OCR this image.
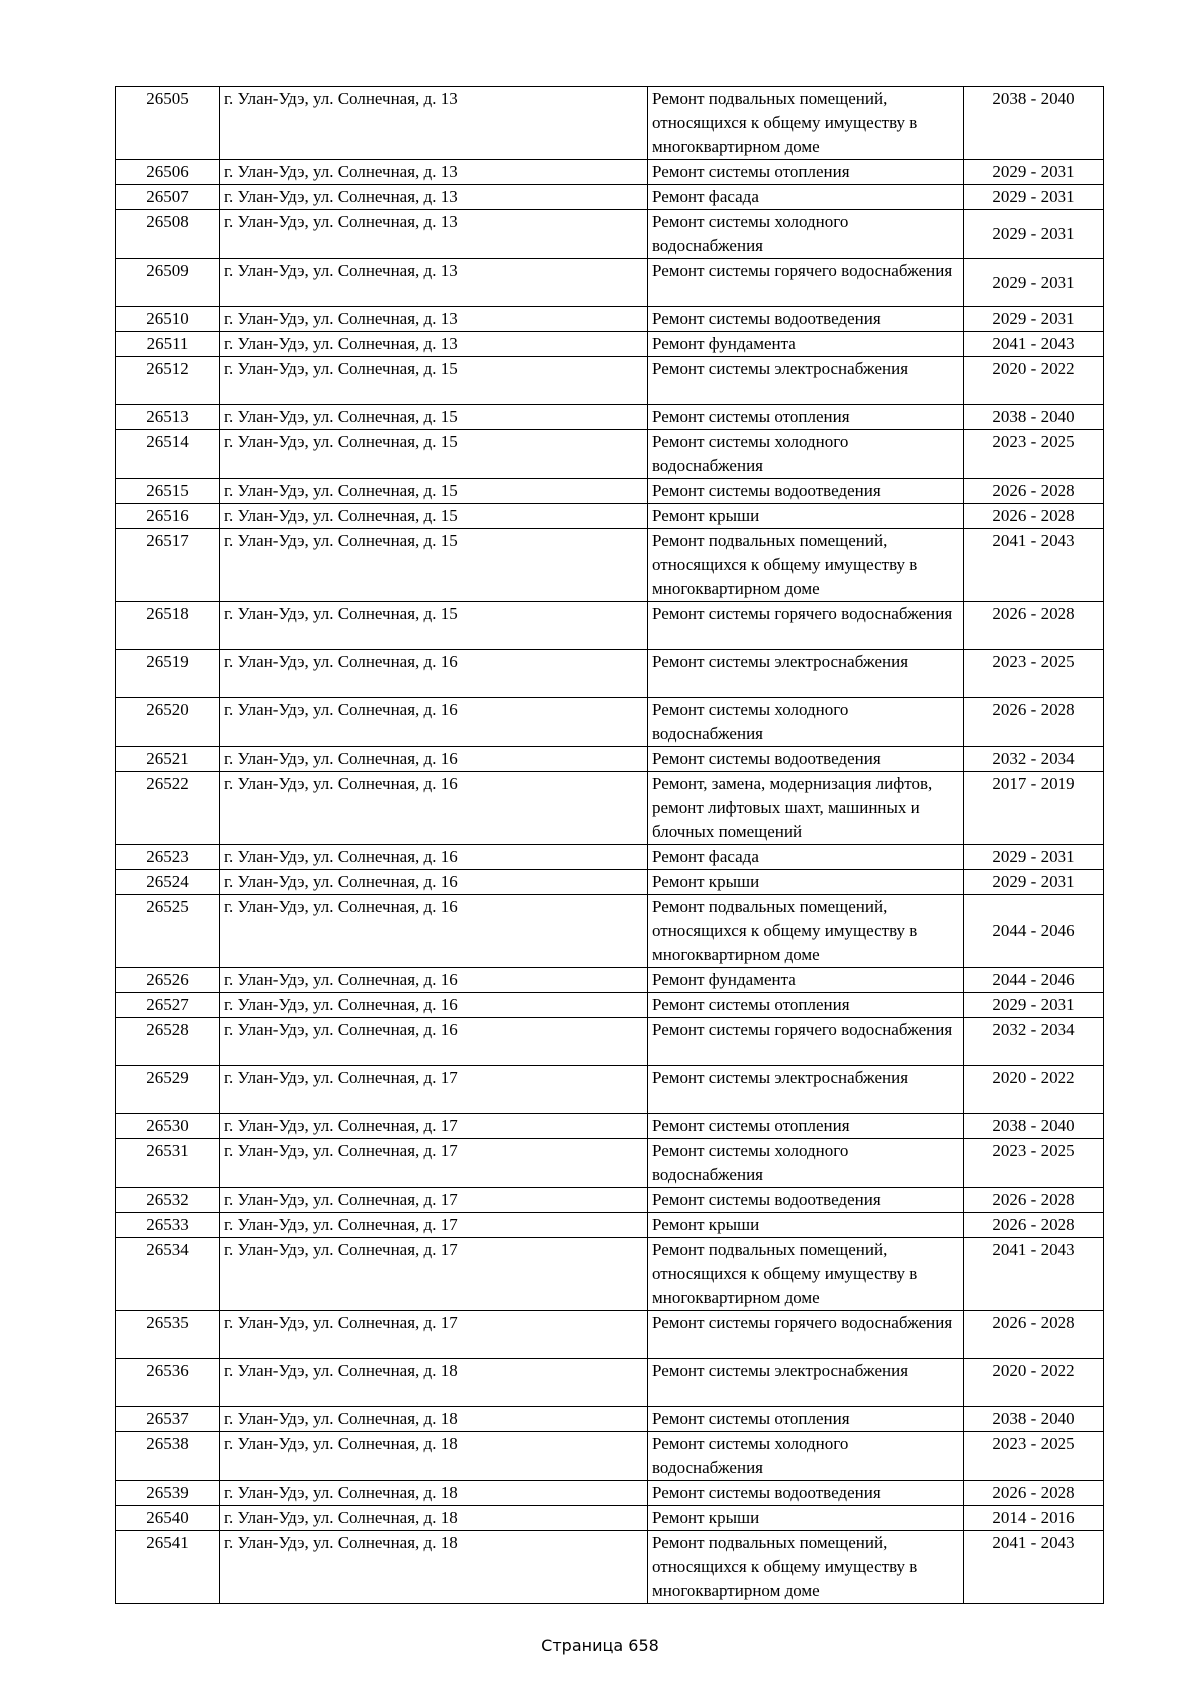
26505	г. Улан-Удэ, ул. Солнечная, д. 13	Ремонт подвальных помещений, относящихся к общему имуществу в многоквартирном доме	2038 - 2040
26506	г. Улан-Удэ, ул. Солнечная, д. 13	Ремонт системы отопления	2029 - 2031
26507	г. Улан-Удэ, ул. Солнечная, д. 13	Ремонт фасада	2029 - 2031
26508	г. Улан-Удэ, ул. Солнечная, д. 13	Ремонт системы холодного водоснабжения	2029 - 2031
26509	г. Улан-Удэ, ул. Солнечная, д. 13	Ремонт системы горячего водоснабжения	2029 - 2031
26510	г. Улан-Удэ, ул. Солнечная, д. 13	Ремонт системы водоотведения	2029 - 2031
26511	г. Улан-Удэ, ул. Солнечная, д. 13	Ремонт фундамента	2041 - 2043
26512	г. Улан-Удэ, ул. Солнечная, д. 15	Ремонт системы электроснабжения	2020 - 2022
26513	г. Улан-Удэ, ул. Солнечная, д. 15	Ремонт системы отопления	2038 - 2040
26514	г. Улан-Удэ, ул. Солнечная, д. 15	Ремонт системы холодного водоснабжения	2023 - 2025
26515	г. Улан-Удэ, ул. Солнечная, д. 15	Ремонт системы водоотведения	2026 - 2028
26516	г. Улан-Удэ, ул. Солнечная, д. 15	Ремонт крыши	2026 - 2028
26517	г. Улан-Удэ, ул. Солнечная, д. 15	Ремонт подвальных помещений, относящихся к общему имуществу в многоквартирном доме	2041 - 2043
26518	г. Улан-Удэ, ул. Солнечная, д. 15	Ремонт системы горячего водоснабжения	2026 - 2028
26519	г. Улан-Удэ, ул. Солнечная, д. 16	Ремонт системы электроснабжения	2023 - 2025
26520	г. Улан-Удэ, ул. Солнечная, д. 16	Ремонт системы холодного водоснабжения	2026 - 2028
26521	г. Улан-Удэ, ул. Солнечная, д. 16	Ремонт системы водоотведения	2032 - 2034
26522	г. Улан-Удэ, ул. Солнечная, д. 16	Ремонт, замена, модернизация лифтов, ремонт лифтовых шахт, машинных и блочных помещений	2017 - 2019
26523	г. Улан-Удэ, ул. Солнечная, д. 16	Ремонт фасада	2029 - 2031
26524	г. Улан-Удэ, ул. Солнечная, д. 16	Ремонт крыши	2029 - 2031
26525	г. Улан-Удэ, ул. Солнечная, д. 16	Ремонт подвальных помещений, относящихся к общему имуществу в многоквартирном доме	2044 - 2046
26526	г. Улан-Удэ, ул. Солнечная, д. 16	Ремонт фундамента	2044 - 2046
26527	г. Улан-Удэ, ул. Солнечная, д. 16	Ремонт системы отопления	2029 - 2031
26528	г. Улан-Удэ, ул. Солнечная, д. 16	Ремонт системы горячего водоснабжения	2032 - 2034
26529	г. Улан-Удэ, ул. Солнечная, д. 17	Ремонт системы электроснабжения	2020 - 2022
26530	г. Улан-Удэ, ул. Солнечная, д. 17	Ремонт системы отопления	2038 - 2040
26531	г. Улан-Удэ, ул. Солнечная, д. 17	Ремонт системы холодного водоснабжения	2023 - 2025
26532	г. Улан-Удэ, ул. Солнечная, д. 17	Ремонт системы водоотведения	2026 - 2028
26533	г. Улан-Удэ, ул. Солнечная, д. 17	Ремонт крыши	2026 - 2028
26534	г. Улан-Удэ, ул. Солнечная, д. 17	Ремонт подвальных помещений, относящихся к общему имуществу в многоквартирном доме	2041 - 2043
26535	г. Улан-Удэ, ул. Солнечная, д. 17	Ремонт системы горячего водоснабжения	2026 - 2028
26536	г. Улан-Удэ, ул. Солнечная, д. 18	Ремонт системы электроснабжения	2020 - 2022
26537	г. Улан-Удэ, ул. Солнечная, д. 18	Ремонт системы отопления	2038 - 2040
26538	г. Улан-Удэ, ул. Солнечная, д. 18	Ремонт системы холодного водоснабжения	2023 - 2025
26539	г. Улан-Удэ, ул. Солнечная, д. 18	Ремонт системы водоотведения	2026 - 2028
26540	г. Улан-Удэ, ул. Солнечная, д. 18	Ремонт крыши	2014 - 2016
26541	г. Улан-Удэ, ул. Солнечная, д. 18	Ремонт подвальных помещений, относящихся к общему имуществу в многоквартирном доме	2041 - 2043
Страница 658
